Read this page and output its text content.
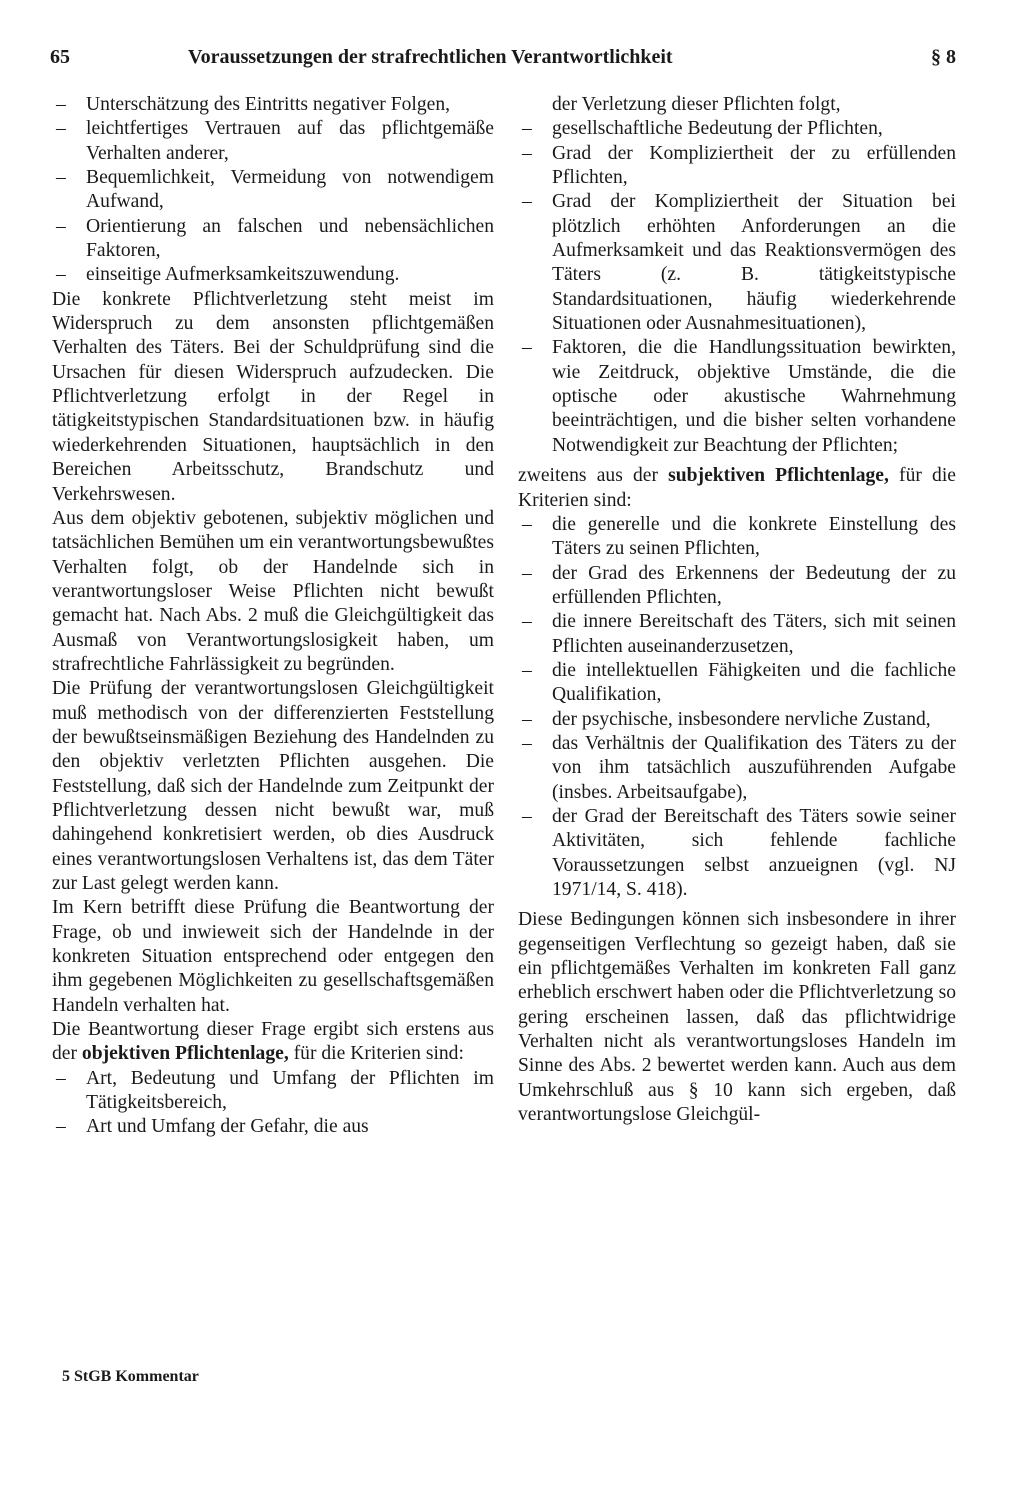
65	Voraussetzungen der strafrechtlichen Verantwortlichkeit	§ 8
– Unterschätzung des Eintritts negativer Folgen,
– leichtfertiges Vertrauen auf das pflichtgemäße Verhalten anderer,
– Bequemlichkeit, Vermeidung von notwendigem Aufwand,
– Orientierung an falschen und nebensächlichen Faktoren,
– einseitige Aufmerksamkeitszuwendung.

Die konkrete Pflichtverletzung steht meist im Widerspruch zu dem ansonsten pflichtgemäßen Verhalten des Täters. Bei der Schuldprüfung sind die Ursachen für diesen Widerspruch aufzudecken. Die Pflichtverletzung erfolgt in der Regel in tätigkeitstypischen Standardsituationen bzw. in häufig wiederkehrenden Situationen, hauptsächlich in den Bereichen Arbeitsschutz, Brandschutz und Verkehrswesen.

Aus dem objektiv gebotenen, subjektiv möglichen und tatsächlichen Bemühen um ein verantwortungsbewußtes Verhalten folgt, ob der Handelnde sich in verantwortungsloser Weise Pflichten nicht bewußt gemacht hat. Nach Abs. 2 muß die Gleichgültigkeit das Ausmaß von Verantwortungslosigkeit haben, um strafrechtliche Fahrlässigkeit zu begründen.

Die Prüfung der verantwortungslosen Gleichgültigkeit muß methodisch von der differenzierten Feststellung der bewußtseinsmäßigen Beziehung des Handelnden zu den objektiv verletzten Pflichten ausgehen. Die Feststellung, daß sich der Handelnde zum Zeitpunkt der Pflichtverletzung dessen nicht bewußt war, muß dahingehend konkretisiert werden, ob dies Ausdruck eines verantwortungslosen Verhaltens ist, das dem Täter zur Last gelegt werden kann.

Im Kern betrifft diese Prüfung die Beantwortung der Frage, ob und inwieweit sich der Handelnde in der konkreten Situation entsprechend oder entgegen den ihm gegebenen Möglichkeiten zu gesellschaftsgemäßen Handeln verhalten hat.

Die Beantwortung dieser Frage ergibt sich erstens aus der objektiven Pflichtenlage, für die Kriterien sind:

– Art, Bedeutung und Umfang der Pflichten im Tätigkeitsbereich,
– Art und Umfang der Gefahr, die aus
der Verletzung dieser Pflichten folgt,
– gesellschaftliche Bedeutung der Pflichten,
– Grad der Kompliziertheit der zu erfüllenden Pflichten,
– Grad der Kompliziertheit der Situation bei plötzlich erhöhten Anforderungen an die Aufmerksamkeit und das Reaktionsvermögen des Täters (z. B. tätigkeitstypische Standardsituationen, häufig wiederkehrende Situationen oder Ausnahmesituationen),
– Faktoren, die die Handlungssituation bewirkten, wie Zeitdruck, objektive Umstände, die die optische oder akustische Wahrnehmung beeinträchtigen, und die bisher selten vorhandene Notwendigkeit zur Beachtung der Pflichten;

zweitens aus der subjektiven Pflichtenlage, für die Kriterien sind:

– die generelle und die konkrete Einstellung des Täters zu seinen Pflichten,
– der Grad des Erkennens der Bedeutung der zu erfüllenden Pflichten,
– die innere Bereitschaft des Täters, sich mit seinen Pflichten auseinanderzusetzen,
– die intellektuellen Fähigkeiten und die fachliche Qualifikation,
– der psychische, insbesondere nervliche Zustand,
– das Verhältnis der Qualifikation des Täters zu der von ihm tatsächlich auszuführenden Aufgabe (insbes. Arbeitsaufgabe),
– der Grad der Bereitschaft des Täters sowie seiner Aktivitäten, sich fehlende fachliche Voraussetzungen selbst anzueignen (vgl. NJ 1971/14, S. 418).

Diese Bedingungen können sich insbesondere in ihrer gegenseitigen Verflechtung so gezeigt haben, daß sie ein pflichtgemäßes Verhalten im konkreten Fall ganz erheblich erschwert haben oder die Pflichtverletzung so gering erscheinen lassen, daß das pflichtwidrige Verhalten nicht als verantwortungsloses Handeln im Sinne des Abs. 2 bewertet werden kann. Auch aus dem Umkehrschluß aus § 10 kann sich ergeben, daß verantwortungslose Gleichgül-

5 StGB Kommentar
